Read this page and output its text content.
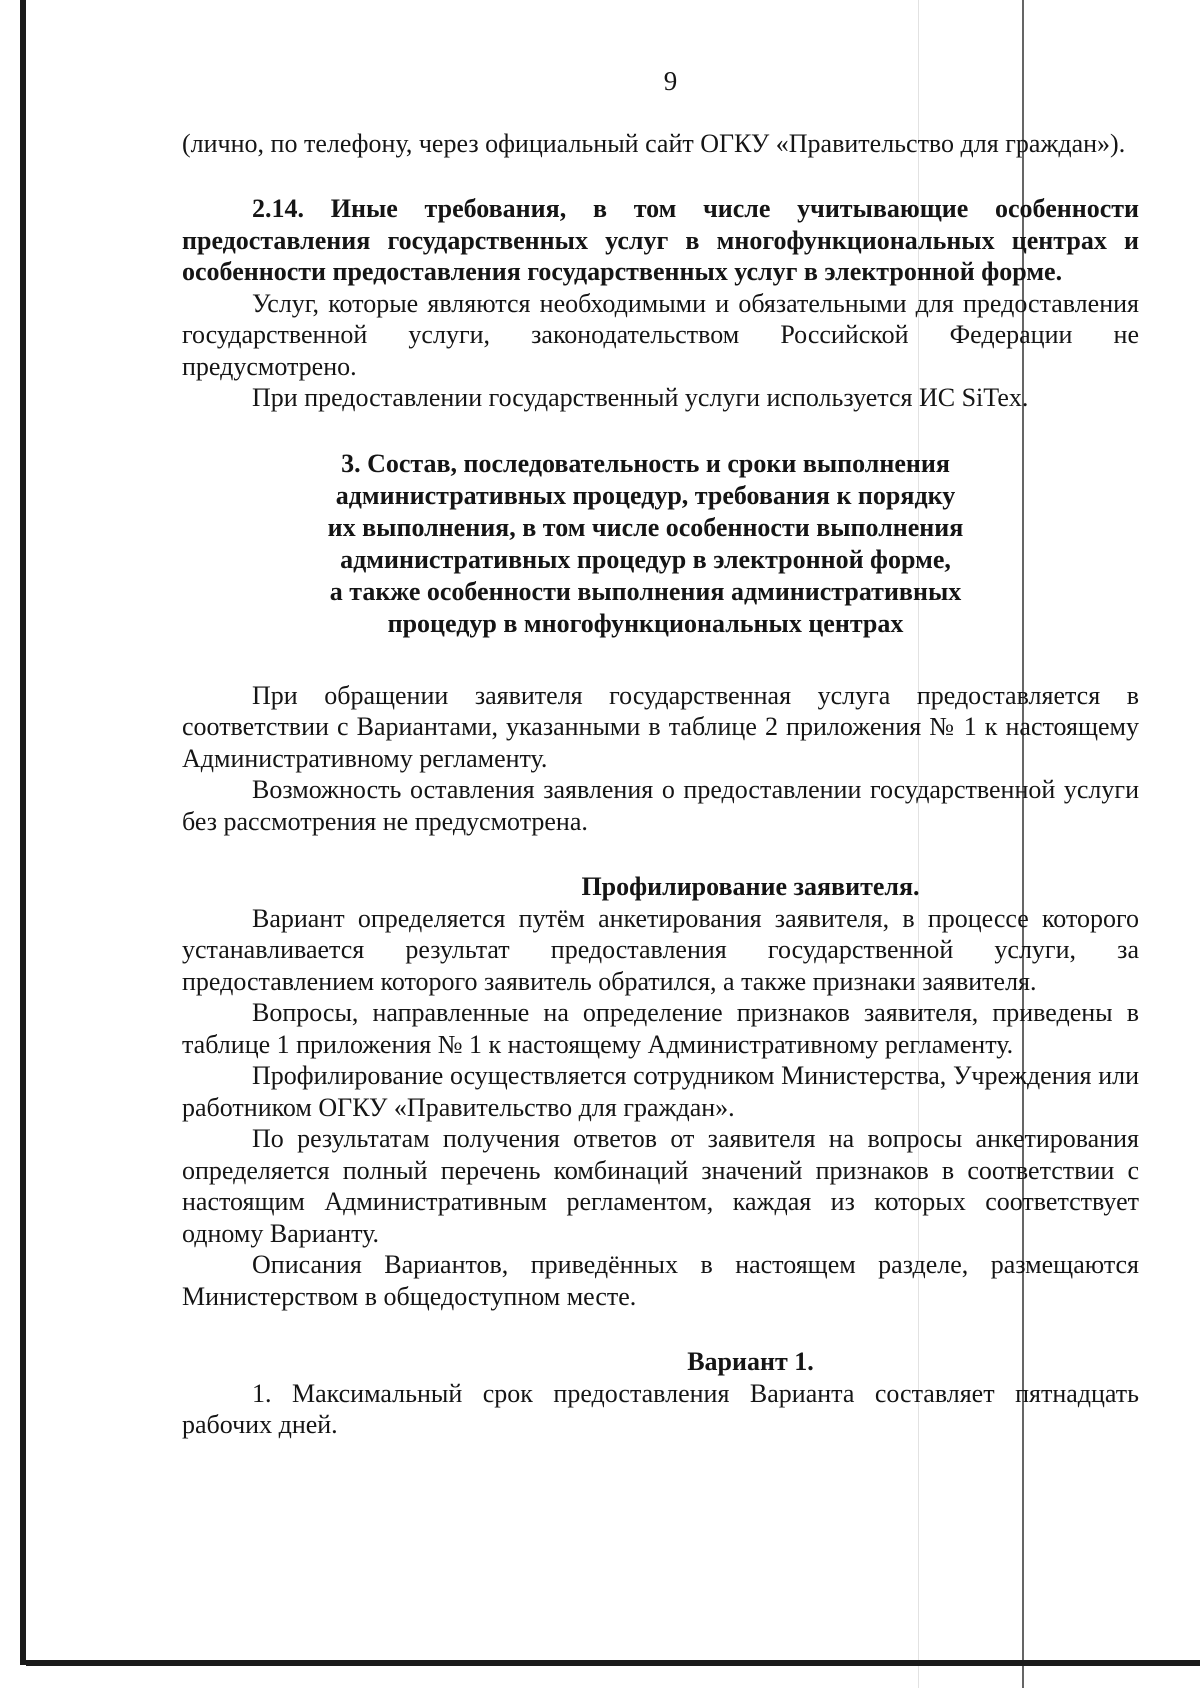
9

(лично, по телефону, через официальный сайт ОГКУ «Правительство для граждан»).

2.14. Иные требования, в том числе учитывающие особенности предоставления государственных услуг в многофункциональных центрах и особенности предоставления государственных услуг в электронной форме.

Услуг, которые являются необходимыми и обязательными для предоставления государственной услуги, законодательством Российской Федерации не предусмотрено.

При предоставлении государственный услуги используется ИС SiTex.

3. Состав, последовательность и сроки выполнения
административных процедур, требования к порядку
их выполнения, в том числе особенности выполнения
административных процедур в электронной форме,
а также особенности выполнения административных
процедур в многофункциональных центрах

При обращении заявителя государственная услуга предоставляется в соответствии с Вариантами, указанными в таблице 2 приложения № 1 к настоящему Административному регламенту.

Возможность оставления заявления о предоставлении государственной услуги без рассмотрения не предусмотрена.

Профилирование заявителя.

Вариант определяется путём анкетирования заявителя, в процессе которого устанавливается результат предоставления государственной услуги, за предоставлением которого заявитель обратился, а также признаки заявителя.

Вопросы, направленные на определение признаков заявителя, приведены в таблице 1 приложения № 1 к настоящему Административному регламенту.

Профилирование осуществляется сотрудником Министерства, Учреждения или работником ОГКУ «Правительство для граждан».

По результатам получения ответов от заявителя на вопросы анкетирования определяется полный перечень комбинаций значений признаков в соответствии с настоящим Административным регламентом, каждая из которых соответствует одному Варианту.

Описания Вариантов, приведённых в настоящем разделе, размещаются Министерством в общедоступном месте.

Вариант 1.

1. Максимальный срок предоставления Варианта составляет пятнадцать рабочих дней.
